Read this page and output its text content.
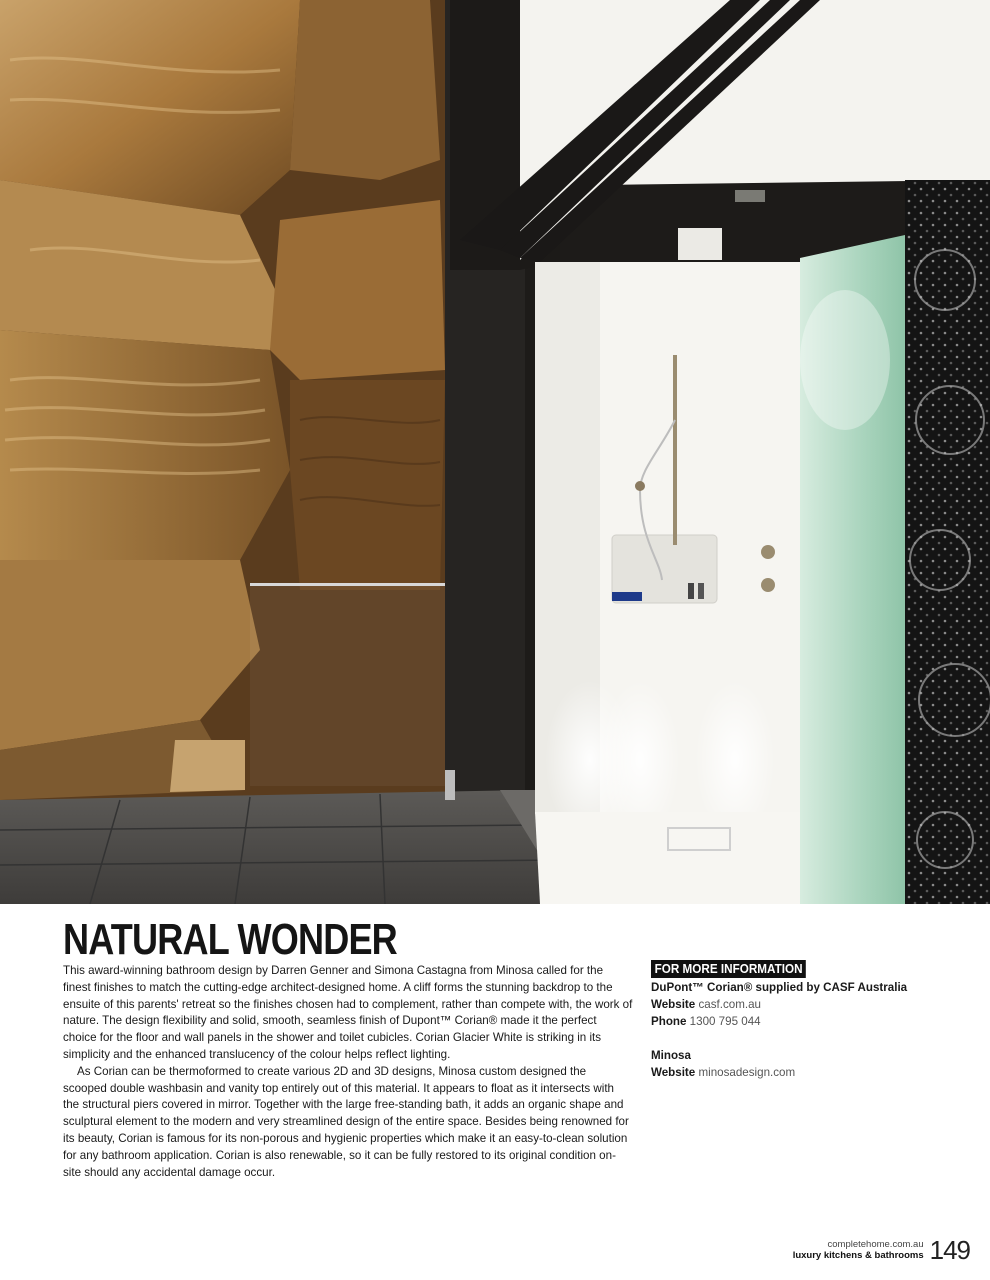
NATURAL WONDER

This award-winning bathroom design by Darren Genner and Simona Castagna from Minosa called for the finest finishes to match the cutting-edge architect-designed home. A cliff forms the stunning backdrop to the ensuite of this parents' retreat so the finishes chosen had to complement, rather than compete with, the work of nature. The design flexibility and solid, smooth, seamless finish of Dupont™ Corian® made it the perfect choice for the floor and wall panels in the shower and toilet cubicles. Corian Glacier White is striking in its simplicity and the enhanced translucency of the colour helps reflect lighting.

As Corian can be thermoformed to create various 2D and 3D designs, Minosa custom designed the scooped double washbasin and vanity top entirely out of this material. It appears to float as it intersects with the structural piers covered in mirror. Together with the large free-standing bath, it adds an organic shape and sculptural element to the modern and very streamlined design of the entire space. Besides being renowned for its beauty, Corian is famous for its non-porous and hygienic properties which make it an easy-to-clean solution for any bathroom application. Corian is also renewable, so it can be fully restored to its original condition on-site should any accidental damage occur.

FOR MORE INFORMATION
DuPont™ Corian® supplied by CASF Australia
Website casf.com.au
Phone 1300 795 044
Minosa
Website minosadesign.com
completehome.com.au
luxury kitchens & bathrooms 149
